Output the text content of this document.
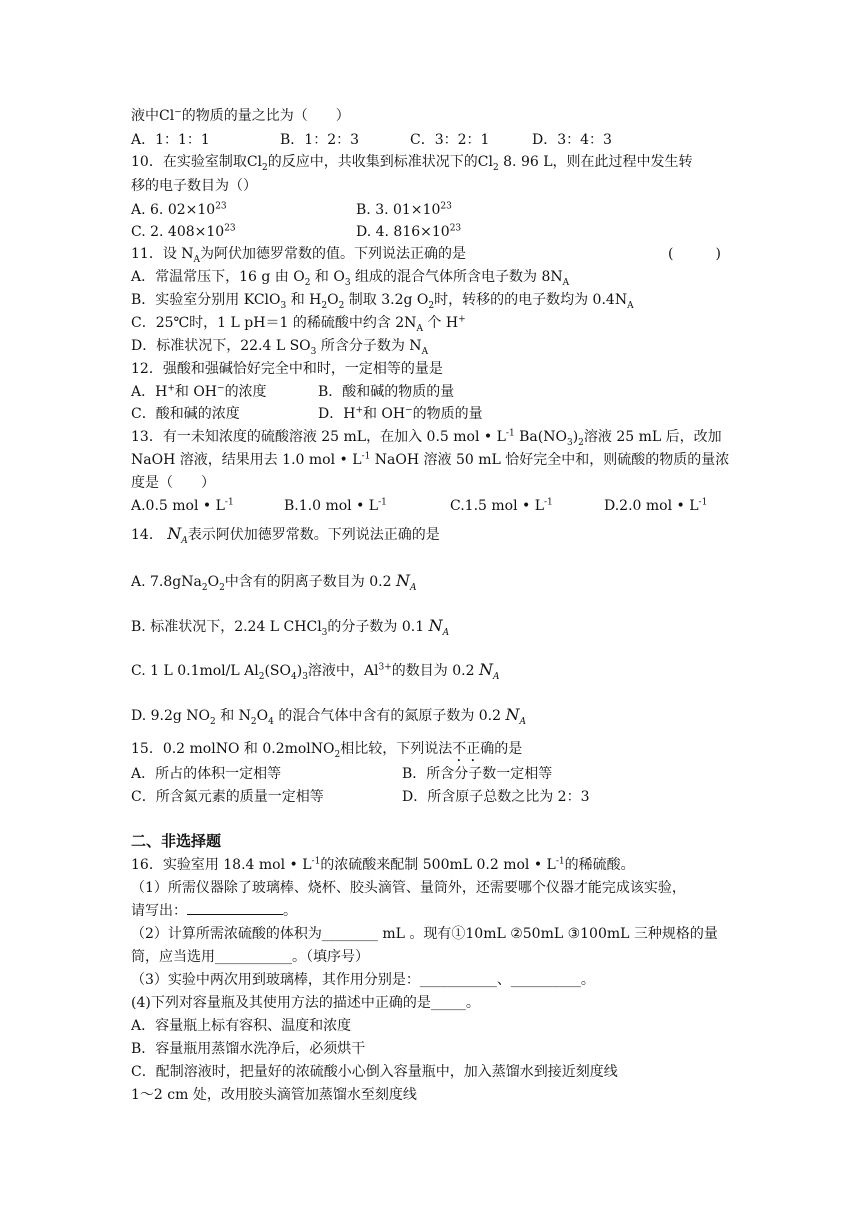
液中Cl−的物质的量之比为（　　）
A．1：1：1	B．1：2：3	C．3：2：1	D．3：4：3
10．在实验室制取$Cl_2$的反应中，共收集到标准状况下的$Cl_2$ 8. 96 L，则在此过程中发生转
移的电子数目为（）
A. 6. $02\times 10^{23}$	B. 3. $01\times 10^{23}$
C. 2. $408\times 10^{23}$	D. 4. $816\times 10^{23}$
11．设 $N_A$为阿伏加德罗常数的值。下列说法正确的是	(　　　)
A．常温常压下，16 g 由 $O_2$ 和 $O_3$ 组成的混合气体所含电子数为 $8N_A$
B．实验室分别用 KClO$_3$ 和 $H_2O_2$ 制取 3.2g $O_2$时，转移的的电子数均为 $0.4N_A$
C．25℃时，1 L pH＝1 的稀硫酸中约含 $2N_A$ 个 H+
D．标准状况下，22.4 L $SO_3$ 所含分子数为 $N_A$
12．强酸和强碱恰好完全中和时，一定相等的量是
A．H+和 OH−的浓度	B．酸和碱的物质的量
C．酸和碱的浓度	D．H+和 OH−的物质的量
13．有一未知浓度的硫酸溶液 25 mL，在加入 0.5 mol • $L^{-1}$ $Ba(NO_3)_2$溶液 25 mL 后，改加
NaOH 溶液，结果用去 1.0 mol • $L^{-1}$ NaOH 溶液 50 mL 恰好完全中和，则硫酸的物质的量浓
度是（　　）
A.0.5 mol • $L^{-1}$	B.1.0 mol • $L^{-1}$	C.1.5 mol • $L^{-1}$	D.2.0 mol • $L^{-1}$
14． $N_A$表示阿伏加德罗常数。下列说法正确的是
A. $7.8gNa_2O_2$中含有的阴离子数目为 0.2 $N_A$
B. 标准状况下，2.24 L CHCl$_3$的分子数为 0.1 $N_A$
C. 1 L 0.1mol/L $Al_2(SO_4)_3$溶液中，$Al^{3+}$的数目为 0.2 $N_A$
D. 9.2g $NO_2$ 和 $N_2O_4$ 的混合气体中含有的氮原子数为 0.2 $N_A$
15．0.2 molNO 和 0.2molNO$_2$相比较，下列说法不正确的是
A．所占的体积一定相等	B．所含分子数一定相等
C．所含氮元素的质量一定相等	D．所含原子总数之比为 2：3
二、非选择题
16．实验室用 18.4 mol • $L^{-1}$的浓硫酸来配制 500mL 0.2 mol • $L^{-1}$的稀硫酸。
（1）所需仪器除了玻璃棒、烧杯、胶头滴管、量筒外，还需要哪个仪器才能完成该实验，
请写出：	。
（2）计算所需浓硫酸的体积为________ mL 。现有①10mL ②50mL ③100mL 三种规格的量
筒，应当选用___________。（填序号）
（3）实验中两次用到玻璃棒，其作用分别是：___________、__________。
(4)下列对容量瓶及其使用方法的描述中正确的是_____。
A．容量瓶上标有容积、温度和浓度
B．容量瓶用蒸馏水洗净后，必须烘干
C．配制溶液时，把量好的浓硫酸小心倒入容量瓶中，加入蒸馏水到接近刻度线
1～2 cm 处，改用胶头滴管加蒸馏水至刻度线
